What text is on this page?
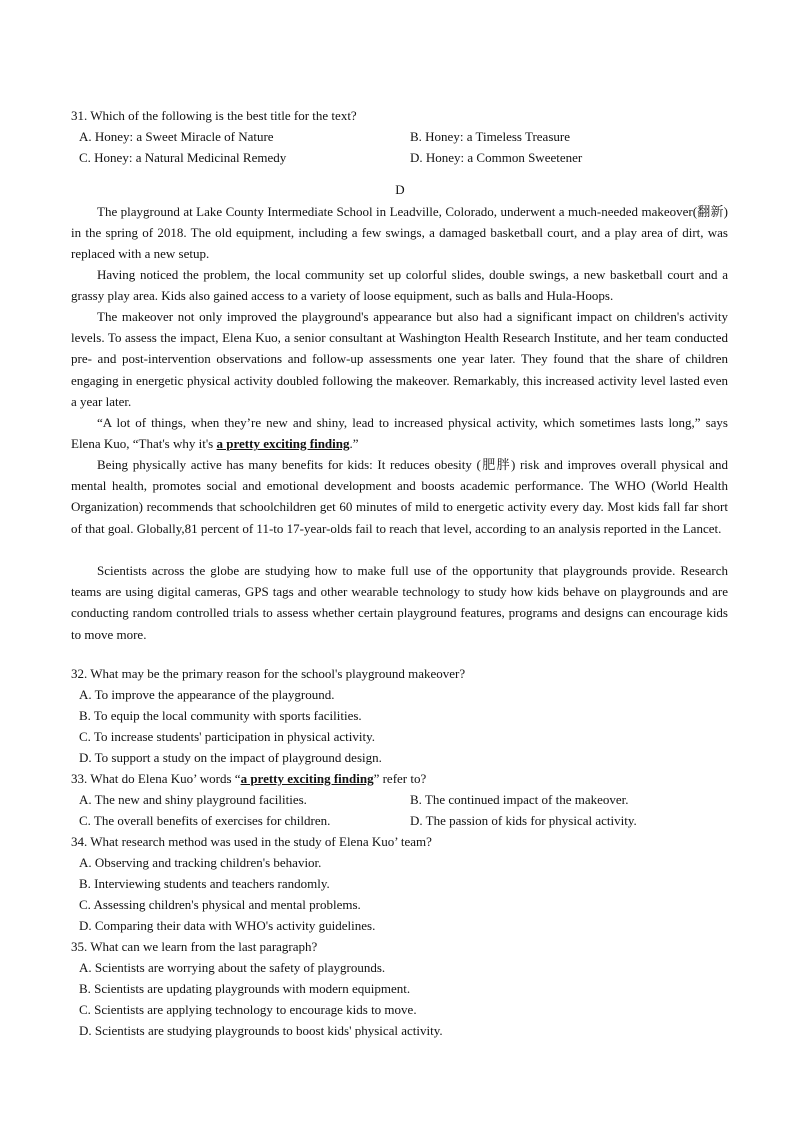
31. Which of the following is the best title for the text?
A. Honey: a Sweet Miracle of Nature	B. Honey: a Timeless Treasure
C. Honey: a Natural Medicinal Remedy	D. Honey: a Common Sweetener
D
The playground at Lake County Intermediate School in Leadville, Colorado, underwent a much-needed makeover(翻新) in the spring of 2018. The old equipment, including a few swings, a damaged basketball court, and a play area of dirt, was replaced with a new setup.
Having noticed the problem, the local community set up colorful slides, double swings, a new basketball court and a grassy play area. Kids also gained access to a variety of loose equipment, such as balls and Hula-Hoops.
The makeover not only improved the playground's appearance but also had a significant impact on children's activity levels. To assess the impact, Elena Kuo, a senior consultant at Washington Health Research Institute, and her team conducted pre- and post-intervention observations and follow-up assessments one year later. They found that the share of children engaging in energetic physical activity doubled following the makeover. Remarkably, this increased activity level lasted even a year later.
“A lot of things, when they’re new and shiny, lead to increased physical activity, which sometimes lasts long,” says Elena Kuo, “That's why it's a pretty exciting finding.”
Being physically active has many benefits for kids: It reduces obesity (肥胖) risk and improves overall physical and mental health, promotes social and emotional development and boosts academic performance. The WHO (World Health Organization) recommends that schoolchildren get 60 minutes of mild to energetic activity every day. Most kids fall far short of that goal. Globally,81 percent of 11-to 17-year-olds fail to reach that level, according to an analysis reported in the Lancet.
Scientists across the globe are studying how to make full use of the opportunity that playgrounds provide. Research teams are using digital cameras, GPS tags and other wearable technology to study how kids behave on playgrounds and are conducting random controlled trials to assess whether certain playground features, programs and designs can encourage kids to move more.
32. What may be the primary reason for the school's playground makeover?
A. To improve the appearance of the playground.
B. To equip the local community with sports facilities.
C. To increase students' participation in physical activity.
D. To support a study on the impact of playground design.
33. What do Elena Kuo’ words “a pretty exciting finding” refer to?
A. The new and shiny playground facilities.	B. The continued impact of the makeover.
C. The overall benefits of exercises for children.	D. The passion of kids for physical activity.
34. What research method was used in the study of Elena Kuo’ team?
A. Observing and tracking children's behavior.
B. Interviewing students and teachers randomly.
C. Assessing children's physical and mental problems.
D. Comparing their data with WHO's activity guidelines.
35. What can we learn from the last paragraph?
A. Scientists are worrying about the safety of playgrounds.
B. Scientists are updating playgrounds with modern equipment.
C. Scientists are applying technology to encourage kids to move.
D. Scientists are studying playgrounds to boost kids' physical activity.
